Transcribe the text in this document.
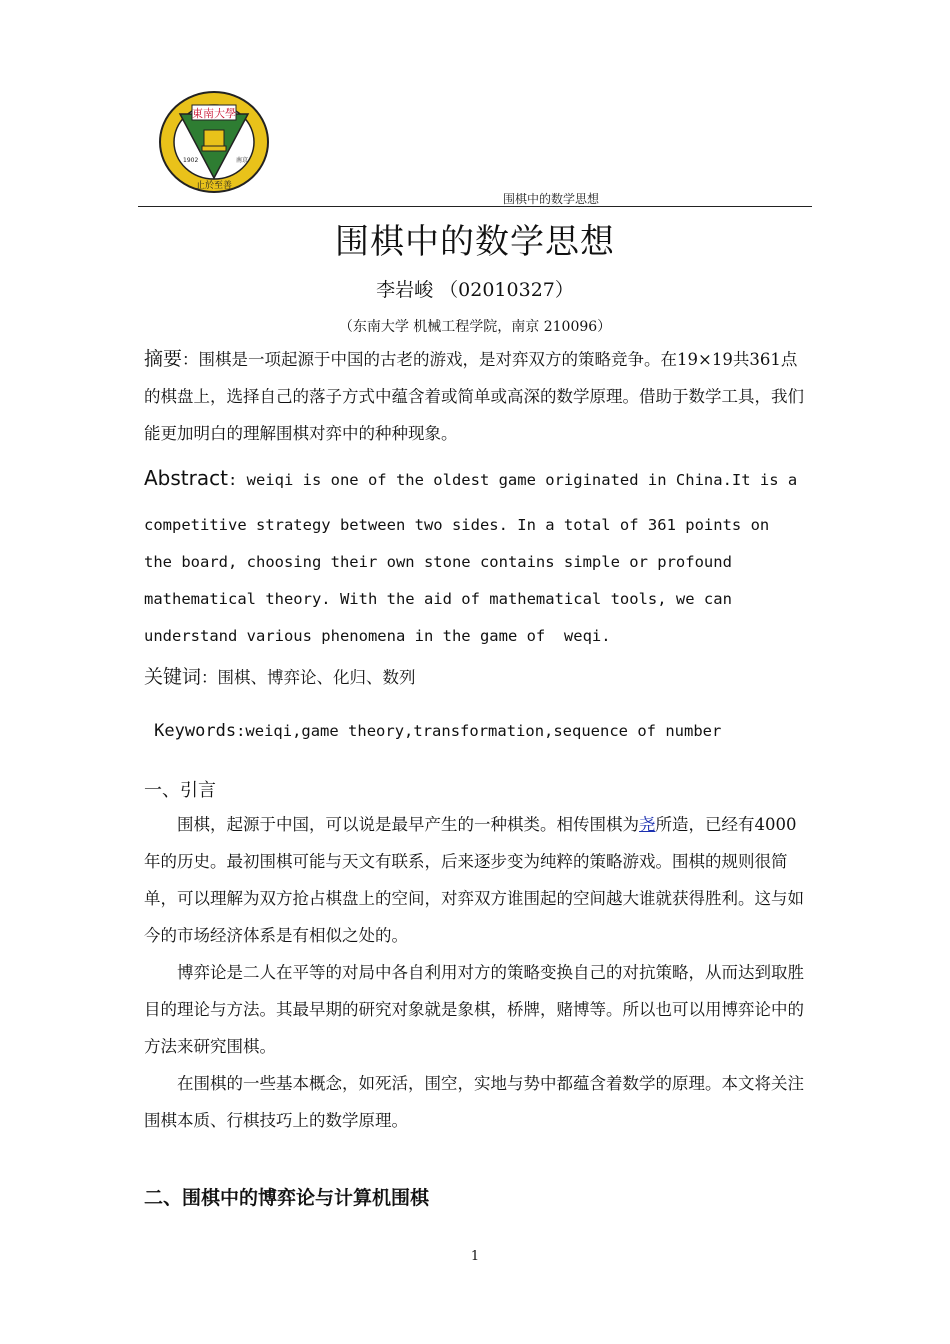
東南大學
1902	南京
止於至善
围棋中的数学思想
围棋中的数学思想
李岩峻 （02010327）
（东南大学 机械工程学院，南京 210096）
摘要：围棋是一项起源于中国的古老的游戏，是对弈双方的策略竞争。在19×19共361点的棋盘上，选择自己的落子方式中蕴含着或简单或高深的数学原理。借助于数学工具，我们能更加明白的理解围棋对弈中的种种现象。
Abstract: weiqi is one of the oldest game originated in China.It is a
competitive strategy between two sides. In a total of 361 points on
the board, choosing their own stone contains simple or profound
mathematical theory. With the aid of mathematical tools, we can
understand various phenomena in the game of  weqi.
关键词：围棋、博弈论、化归、数列

Keywords:weiqi,game theory,transformation,sequence of number

一、引言

围棋，起源于中国，可以说是最早产生的一种棋类。相传围棋为尧所造，已经有4000年的历史。最初围棋可能与天文有联系，后来逐步变为纯粹的策略游戏。围棋的规则很简单，可以理解为双方抢占棋盘上的空间，对弈双方谁围起的空间越大谁就获得胜利。这与如今的市场经济体系是有相似之处的。

博弈论是二人在平等的对局中各自利用对方的策略变换自己的对抗策略，从而达到取胜目的理论与方法。其最早期的研究对象就是象棋，桥牌，赌博等。所以也可以用博弈论中的方法来研究围棋。

在围棋的一些基本概念，如死活，围空，实地与势中都蕴含着数学的原理。本文将关注围棋本质、行棋技巧上的数学原理。

二、围棋中的博弈论与计算机围棋
1
